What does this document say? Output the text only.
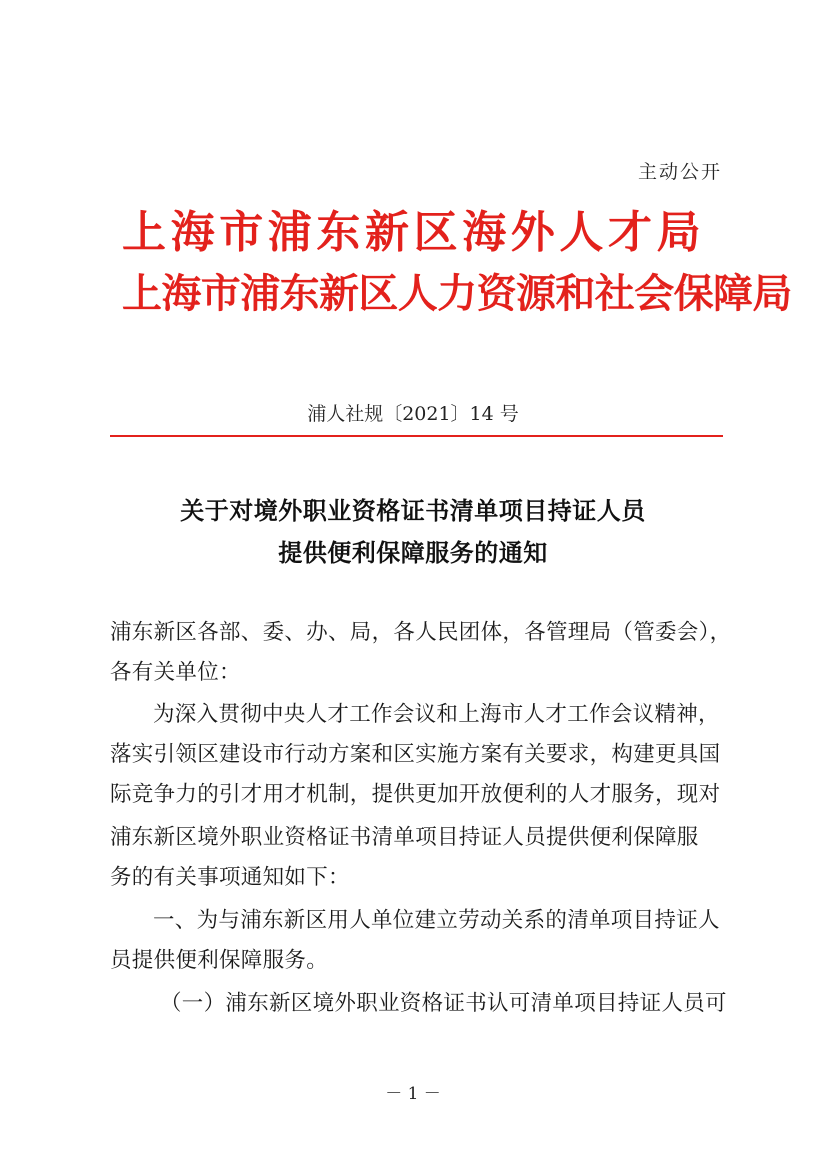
主动公开
上海市浦东新区海外人才局
上海市浦东新区人力资源和社会保障局
浦人社规〔2021〕14 号
关于对境外职业资格证书清单项目持证人员
提供便利保障服务的通知
浦东新区各部、委、办、局，各人民团体，各管理局（管委会），
各有关单位：
为深入贯彻中央人才工作会议和上海市人才工作会议精神，
落实引领区建设市行动方案和区实施方案有关要求，构建更具国
际竞争力的引才用才机制，提供更加开放便利的人才服务，现对
浦东新区境外职业资格证书清单项目持证人员提供便利保障服
务的有关事项通知如下：
一、为与浦东新区用人单位建立劳动关系的清单项目持证人
员提供便利保障服务。
（一）浦东新区境外职业资格证书认可清单项目持证人员可
－ 1 －
